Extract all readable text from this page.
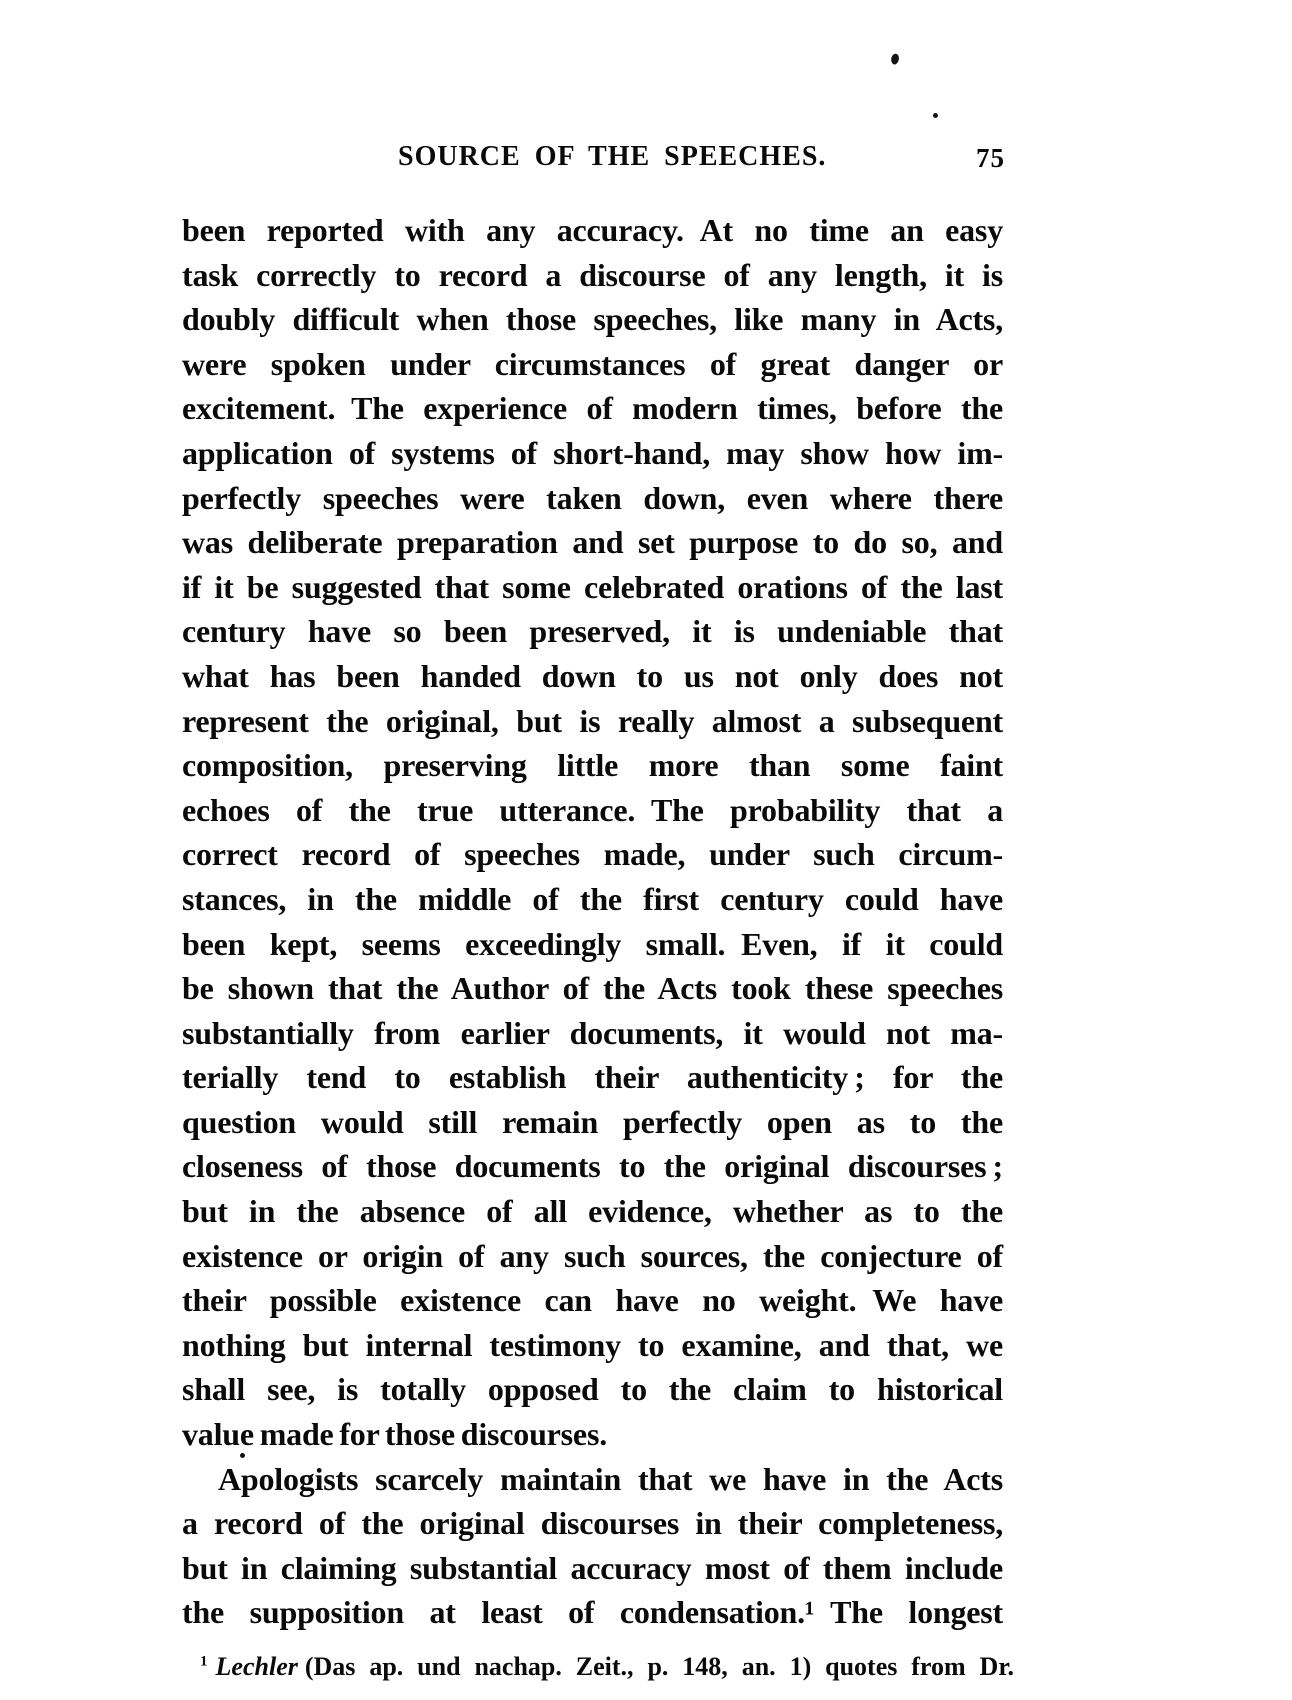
SOURCE OF THE SPEECHES.	75
been reported with any accuracy. At no time an easy
task correctly to record a discourse of any length, it is
doubly difficult when those speeches, like many in Acts,
were spoken under circumstances of great danger or
excitement. The experience of modern times, before the
application of systems of short-hand, may show how im-
perfectly speeches were taken down, even where there
was deliberate preparation and set purpose to do so, and
if it be suggested that some celebrated orations of the last
century have so been preserved, it is undeniable that
what has been handed down to us not only does not
represent the original, but is really almost a subsequent
composition, preserving little more than some faint
echoes of the true utterance. The probability that a
correct record of speeches made, under such circum-
stances, in the middle of the first century could have
been kept, seems exceedingly small. Even, if it could
be shown that the Author of the Acts took these speeches
substantially from earlier documents, it would not ma-
terially tend to establish their authenticity ; for the
question would still remain perfectly open as to the
closeness of those documents to the original discourses ;
but in the absence of all evidence, whether as to the
existence or origin of any such sources, the conjecture of
their possible existence can have no weight. We have
nothing but internal testimony to examine, and that, we
shall see, is totally opposed to the claim to historical
value made for those discourses.
Apologists scarcely maintain that we have in the Acts
a record of the original discourses in their completeness,
but in claiming substantial accuracy most of them include
the supposition at least of condensation.¹ The longest
$^1$ Lechler (Das ap. und nachap. Zeit., p. 148, an. 1) quotes from Dr.
